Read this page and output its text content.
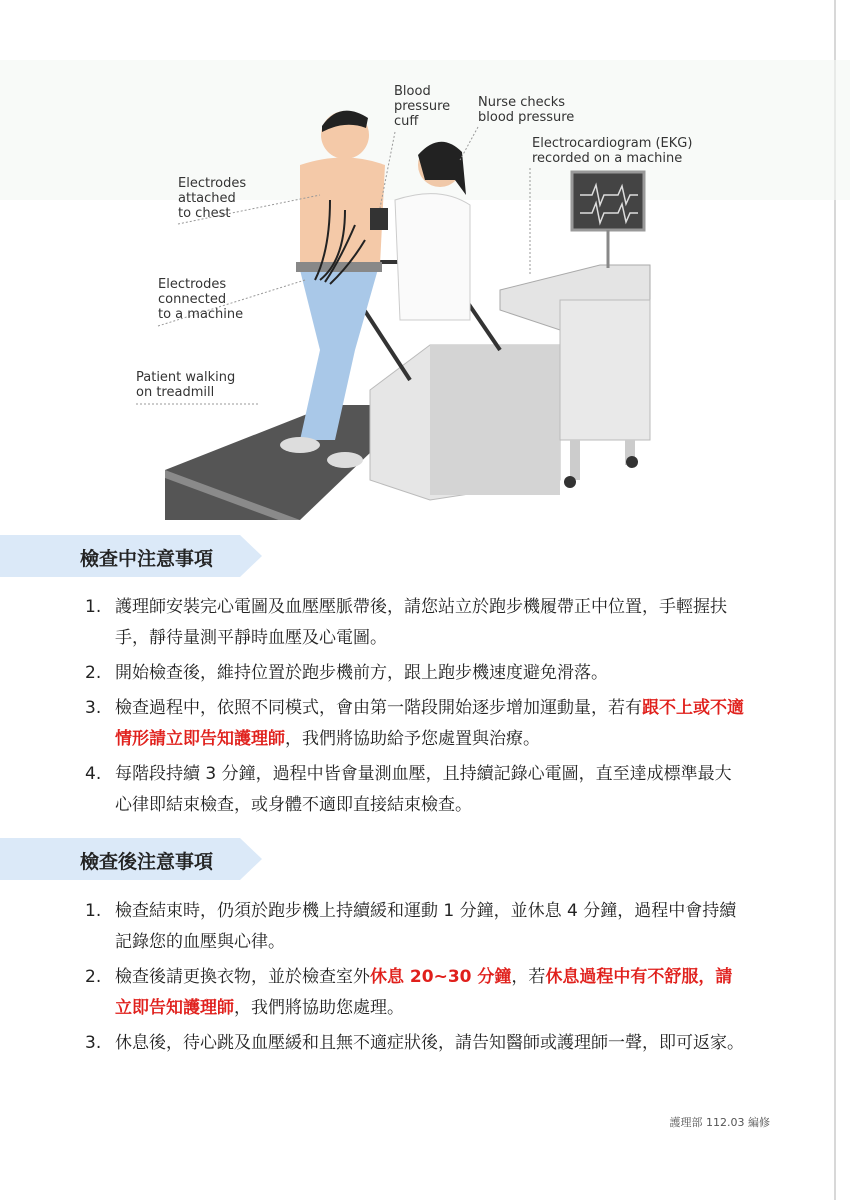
Blood
pressure
cuff
Nurse checks
blood pressure
Electrocardiogram (EKG)
recorded on a machine
Electrodes
attached
to chest
Electrodes
connected
to a machine
Patient walking
on treadmill
檢查中注意事項
1. 護理師安裝完心電圖及血壓壓脈帶後，請您站立於跑步機履帶正中位置，手輕握扶手，靜待量測平靜時血壓及心電圖。
2. 開始檢查後，維持位置於跑步機前方，跟上跑步機速度避免滑落。
3. 檢查過程中，依照不同模式，會由第一階段開始逐步增加運動量，若有跟不上或不適情形請立即告知護理師，我們將協助給予您處置與治療。
4. 每階段持續 3 分鐘，過程中皆會量測血壓，且持續記錄心電圖，直至達成標準最大心律即結束檢查，或身體不適即直接結束檢查。
檢查後注意事項
1. 檢查結束時，仍須於跑步機上持續緩和運動 1 分鐘，並休息 4 分鐘，過程中會持續記錄您的血壓與心律。
2. 檢查後請更換衣物，並於檢查室外休息 20~30 分鐘，若休息過程中有不舒服，請立即告知護理師，我們將協助您處理。
3. 休息後，待心跳及血壓緩和且無不適症狀後，請告知醫師或護理師一聲，即可返家。
護理部 112.03 編修
